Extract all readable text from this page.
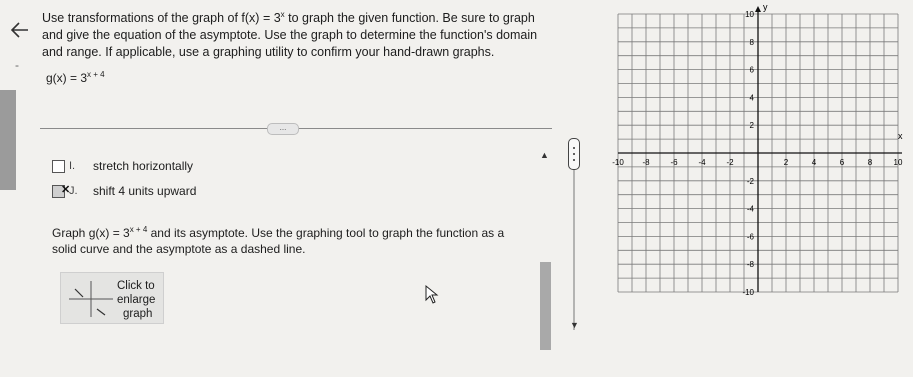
-
Use transformations of the graph of $f(x) = 3^x$ to graph the given function. Be sure to graph and give the equation of the asymptote. Use the graph to determine the function's domain and range. If applicable, use a graphing utility to confirm your hand-drawn graphs.
$g(x) = 3^{x + 4}$
...
I.	stretch horizontally
✕
J.	shift 4 units upward
Graph $g(x) = 3^{x + 4}$ and its asymptote. Use the graphing tool to graph the function as a solid curve and the asymptote as a dashed line.
Click to
enlarge
graph
▲
▼
y
x
-10 -8	-6	-4	-2	2	4	6	8	10
10
8
6
4
2
-2
-4
-6
-8
-10
